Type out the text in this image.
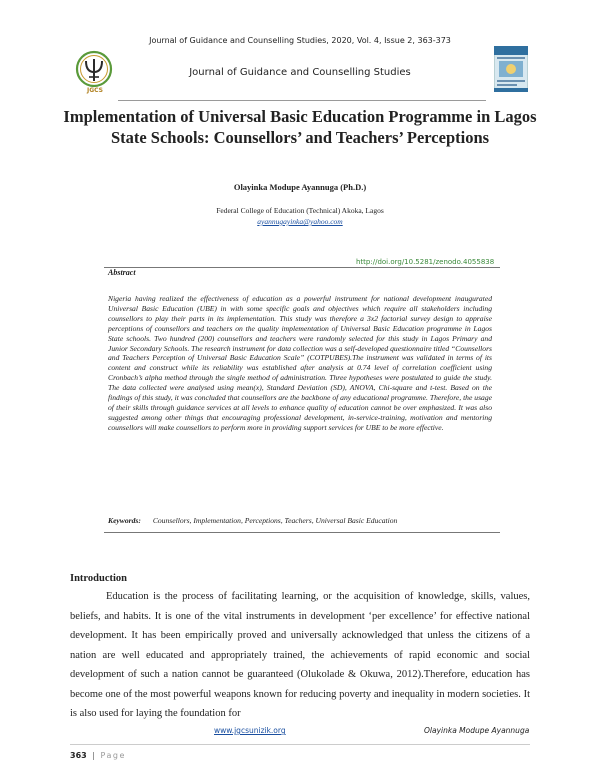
Journal of Guidance and Counselling Studies, 2020, Vol. 4, Issue 2, 363-373
JGCS
Journal of Guidance and Counselling Studies
Implementation of Universal Basic Education Programme in Lagos State Schools: Counsellors’ and Teachers’ Perceptions
Olayinka Modupe Ayannuga (Ph.D.)
Federal College of Education (Technical) Akoka, Lagos
ayannugayinka@yahoo.com
http://doi.org/10.5281/zenodo.4055838
Abstract
Nigeria having realized the effectiveness of education as a powerful instrument for national development inaugurated Universal Basic Education (UBE) in with some specific goals and objectives which require all stakeholders including counsellors to play their parts in its implementation. This study was therefore a 3x2 factorial survey design to appraise perceptions of counsellors and teachers on the quality implementation of Universal Basic Education programme in Lagos State schools. Two hundred (200) counsellors and teachers were randomly selected for this study in Lagos Primary and Junior Secondary Schools. The research instrument for data collection was a self-developed questionnaire titled “Counsellors and Teachers Perception of Universal Basic Education Scale” (COTPUBES).The instrument was validated in terms of its content and construct while its reliability was established after analysis at 0.74 level of correlation coefficient using Cronbach’s alpha method through the single method of administration. Three hypotheses were postulated to guide the study. The data collected were analysed using mean(x), Standard Deviation (SD), ANOVA, Chi-square and t-test. Based on the findings of this study, it was concluded that counsellors are the backbone of any educational programme. Therefore, the usage of their skills through guidance services at all levels to enhance quality of education cannot be over emphasized. It was also suggested among other things that encouraging professional development, in-service-training, motivation and mentoring counsellors will make counsellors to perform more in providing support services for UBE to be more effective.
Keywords: Counsellors, Implementation, Perceptions, Teachers, Universal Basic Education
Introduction
Education is the process of facilitating learning, or the acquisition of knowledge, skills, values, beliefs, and habits. It is one of the vital instruments in development ‘per excellence’ for effective national development. It has been empirically proved and universally acknowledged that unless the citizens of a nation are well educated and appropriately trained, the achievements of rapid economic and social development of such a nation cannot be guaranteed (Olukolade & Okuwa, 2012).Therefore, education has become one of the most powerful weapons known for reducing poverty and inequality in modern societies. It is also used for laying the foundation for
www.jgcsunizik.org	Olayinka Modupe Ayannuga
363 | Page
